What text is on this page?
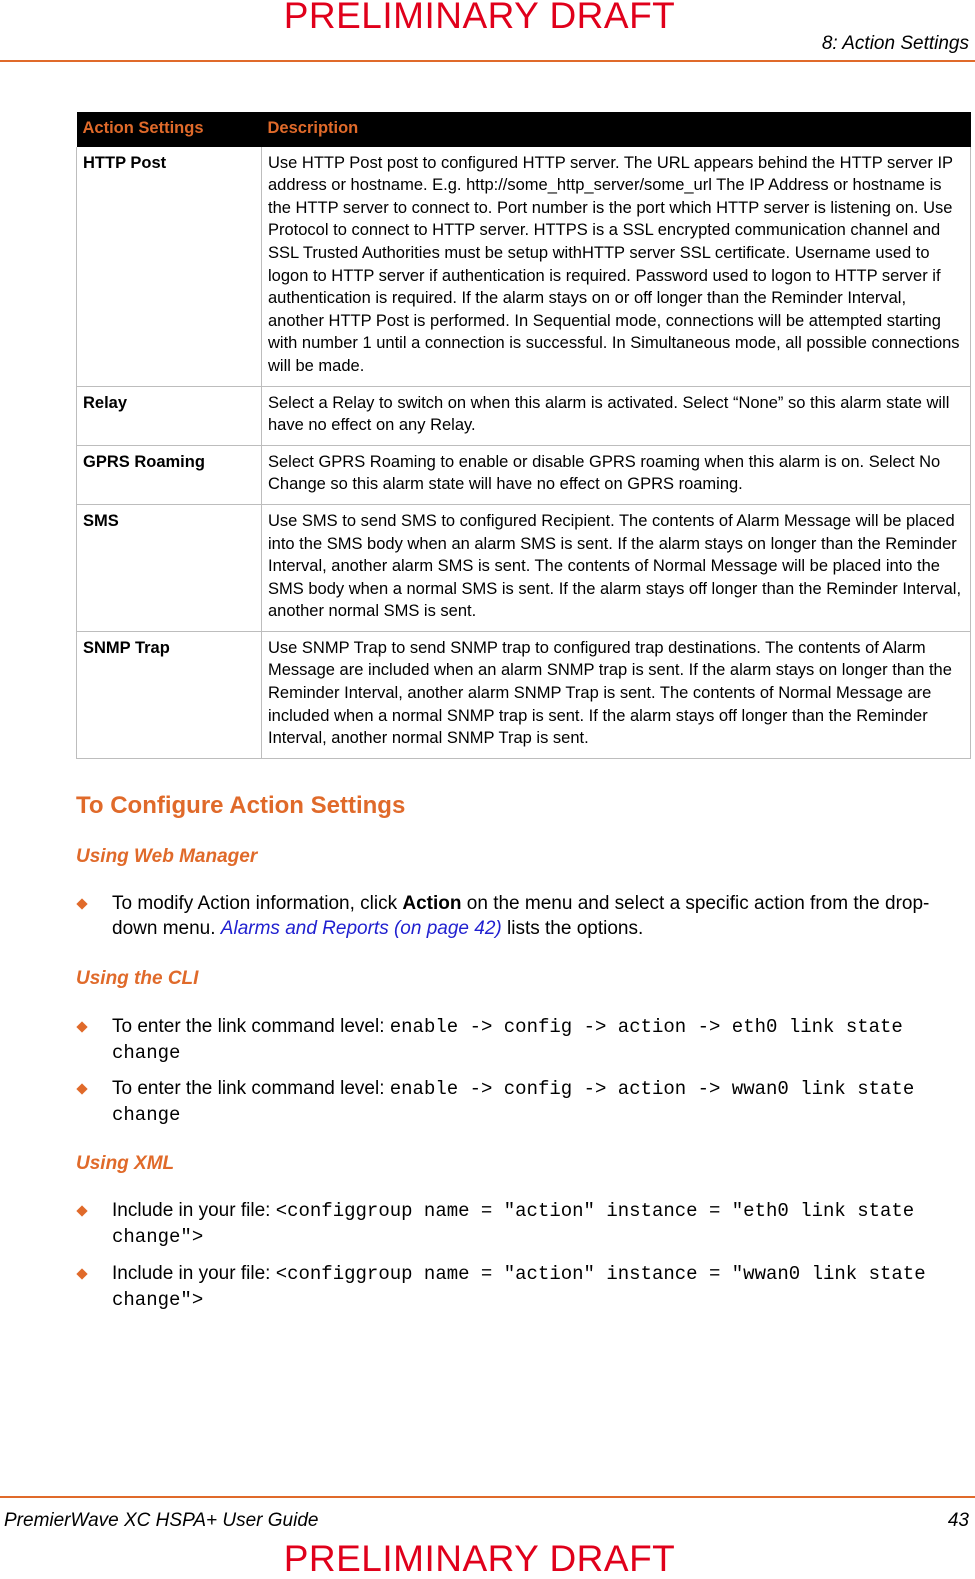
PRELIMINARY DRAFT
8: Action Settings
Action Settings	Description
HTTP Post	Use HTTP Post post to configured HTTP server. The URL appears behind the HTTP server IP address or hostname. E.g. http://some_http_server/some_url The IP Address or hostname is the HTTP server to connect to. Port number is the port which HTTP server is listening on. Use Protocol to connect to HTTP server. HTTPS is a SSL encrypted communication channel and SSL Trusted Authorities must be setup withHTTP server SSL certificate. Username used to logon to HTTP server if authentication is required. Password used to logon to HTTP server if authentication is required. If the alarm stays on or off longer than the Reminder Interval, another HTTP Post is performed. In Sequential mode, connections will be attempted starting with number 1 until a connection is successful. In Simultaneous mode, all possible connections will be made.
Relay	Select a Relay to switch on when this alarm is activated. Select “None” so this alarm state will have no effect on any Relay.
GPRS Roaming	Select GPRS Roaming to enable or disable GPRS roaming when this alarm is on. Select No Change so this alarm state will have no effect on GPRS roaming.
SMS	Use SMS to send SMS to configured Recipient. The contents of Alarm Message will be placed into the SMS body when an alarm SMS is sent. If the alarm stays on longer than the Reminder Interval, another alarm SMS is sent. The contents of Normal Message will be placed into the SMS body when a normal SMS is sent. If the alarm stays off longer than the Reminder Interval, another normal SMS is sent.
SNMP Trap	Use SNMP Trap to send SNMP trap to configured trap destinations. The contents of Alarm Message are included when an alarm SNMP trap is sent. If the alarm stays on longer than the Reminder Interval, another alarm SNMP Trap is sent. The contents of Normal Message are included when a normal SNMP trap is sent. If the alarm stays off longer than the Reminder Interval, another normal SNMP Trap is sent.
To Configure Action Settings
Using Web Manager
To modify Action information, click Action on the menu and select a specific action from the drop-down menu. Alarms and Reports (on page 42) lists the options.
Using the CLI
To enter the link command level: enable -> config -> action -> eth0 link state change
To enter the link command level: enable -> config -> action -> wwan0 link state change
Using XML
Include in your file: <configgroup name = "action" instance = "eth0 link state change">
Include in your file: <configgroup name = "action" instance = "wwan0 link state change">
PremierWave XC HSPA+ User Guide	43
PRELIMINARY DRAFT
